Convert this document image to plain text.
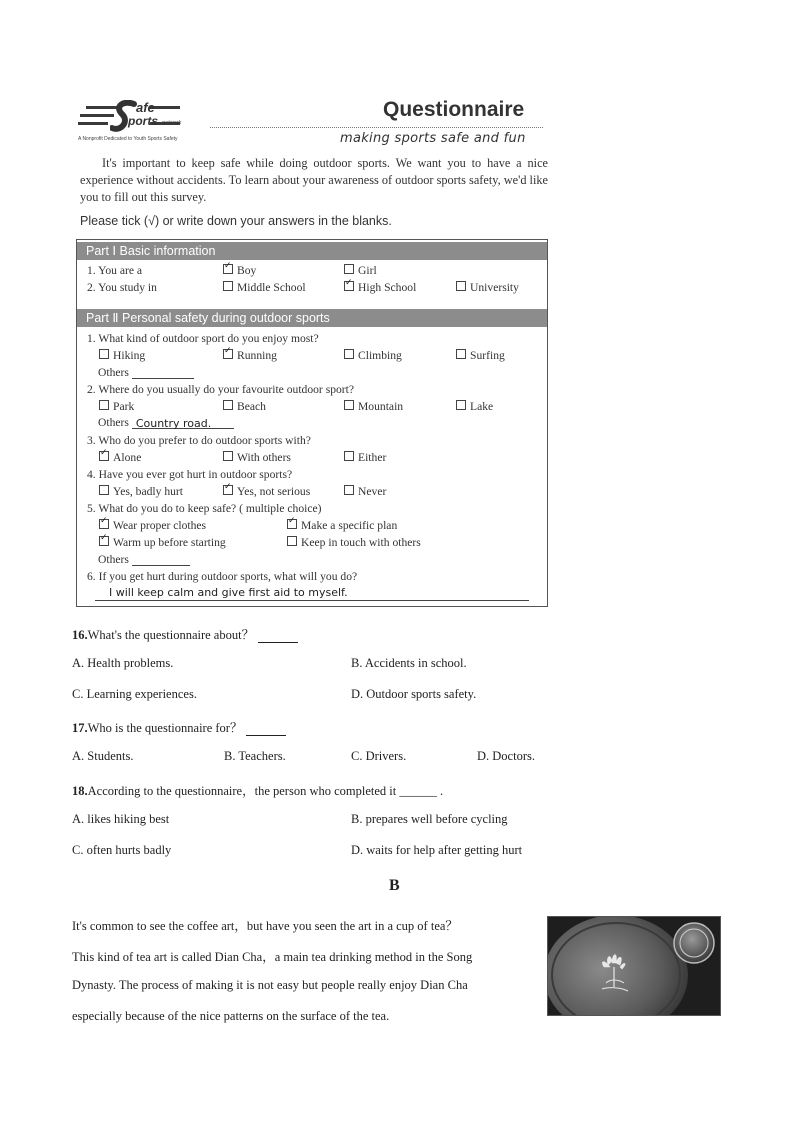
afe
ports network
A Nonprofit Dedicated to Youth Sports Safety
Questionnaire
making sports safe and fun
It's important to keep safe while doing outdoor sports. We want you to have a nice experience without accidents. To learn about your awareness of outdoor sports safety, we'd like you to fill out this survey.
Please tick (√) or write down your answers in the blanks.
Part Ⅰ Basic information
1. You are a ✓	Boy	Girl
2. You study in	Middle School ✓	High School	University
Part Ⅱ Personal safety during outdoor sports
1. What kind of outdoor sport do you enjoy most?
Hiking ✓	Running	Climbing	Surfing
Others
2. Where do you usually do your favourite outdoor sport?
Park	Beach	Mountain	Lake
Others Country road.
3. Who do you prefer to do outdoor sports with?
✓Alone	With others	Either
4. Have you ever got hurt in outdoor sports?
Yes, badly hurt ✓	Yes, not serious	Never
5. What do you do to keep safe? ( multiple choice)
✓Wear proper clothes ✓	Make a specific plan
✓Warm up before starting	Keep in touch with others
Others
6. If you get hurt during outdoor sports, what will you do?
I will keep calm and give first aid to myself.
16.What's the questionnaire about？
A. Health problems.	B. Accidents in school.
C. Learning experiences.	D. Outdoor sports safety.
17.Who is the questionnaire for？
A. Students.	B. Teachers.	C. Drivers.	D. Doctors.
18.According to the questionnaire，the person who completed it ______ .
A. likes hiking best	B. prepares well before cycling
C. often hurts badly	D. waits for help after getting hurt
B
It's common to see the coffee art，but have you seen the art in a cup of tea？
This kind of tea art is called Dian Cha，a main tea drinking method in the Song
Dynasty. The process of making it is not easy but people really enjoy Dian Cha
especially because of the nice patterns on the surface of the tea.
